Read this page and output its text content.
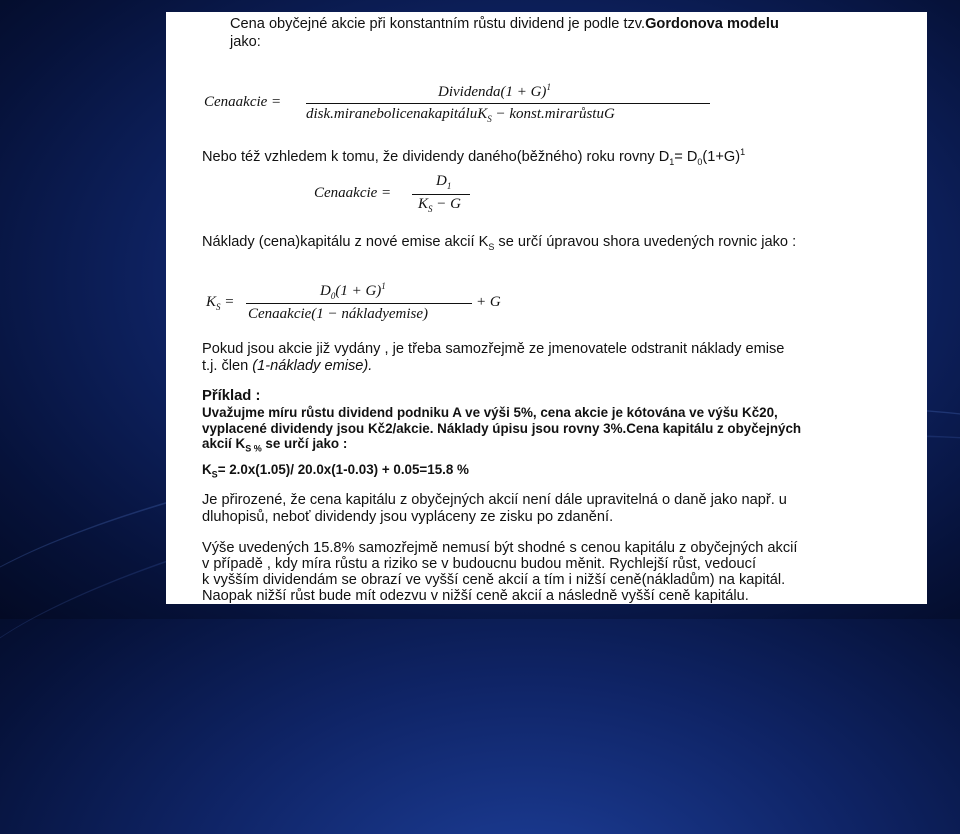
Cena obyčejné akcie při konstantním růstu dividend je podle tzv.Gordonova modelu
jako:
Cenaakcie =
Dividenda(1 + G)$^1$
disk.miranebolicenakapitáluK$_S$ − konst.mirarůstuG
Nebo též vzhledem k tomu, že dividendy daného(běžného) roku rovny $D_1= D_0(1+G)^1$
Cenaakcie =
$D_1$
$K_S - G$
Náklady (cena)kapitálu z nové emise akcií $K_S$ se určí úpravou shora uvedených rovnic jako :
$K_S$ =
$D_0(1 + G)^1$
Cenaakcie(1 − nákladyemise)
+ G
Pokud jsou akcie již vydány , je třeba samozřejmě ze jmenovatele odstranit náklady emise
t.j. člen (1-náklady emise).
Příklad :
Uvažujme míru růstu dividend podniku A ve výši 5%, cena akcie je kótována ve výšu Kč20,
vyplacené dividendy jsou Kč2/akcie. Náklady úpisu jsou rovny 3%.Cena kapitálu z obyčejných
akcií $K_{S \%}$ se určí jako :
$K_S= 2.0x(1.05)/$ 20.0x(1-0.03) + 0.05=15.8 %
Je přirozené, že cena kapitálu z obyčejných akcií není dále upravitelná o daně jako např. u
dluhopisů, neboť dividendy jsou vypláceny ze zisku po zdanění.
Výše uvedených 15.8% samozřejmě nemusí být shodné s cenou kapitálu z obyčejných akcií
v případě , kdy míra růstu a riziko se v budoucnu budou měnit. Rychlejší růst, vedoucí
k vyšším dividendám se obrazí ve vyšší ceně akcií a tím i nižší ceně(nákladům) na kapitál.
Naopak nižší růst bude mít odezvu v nižší ceně akcií a následně vyšší ceně kapitálu.
